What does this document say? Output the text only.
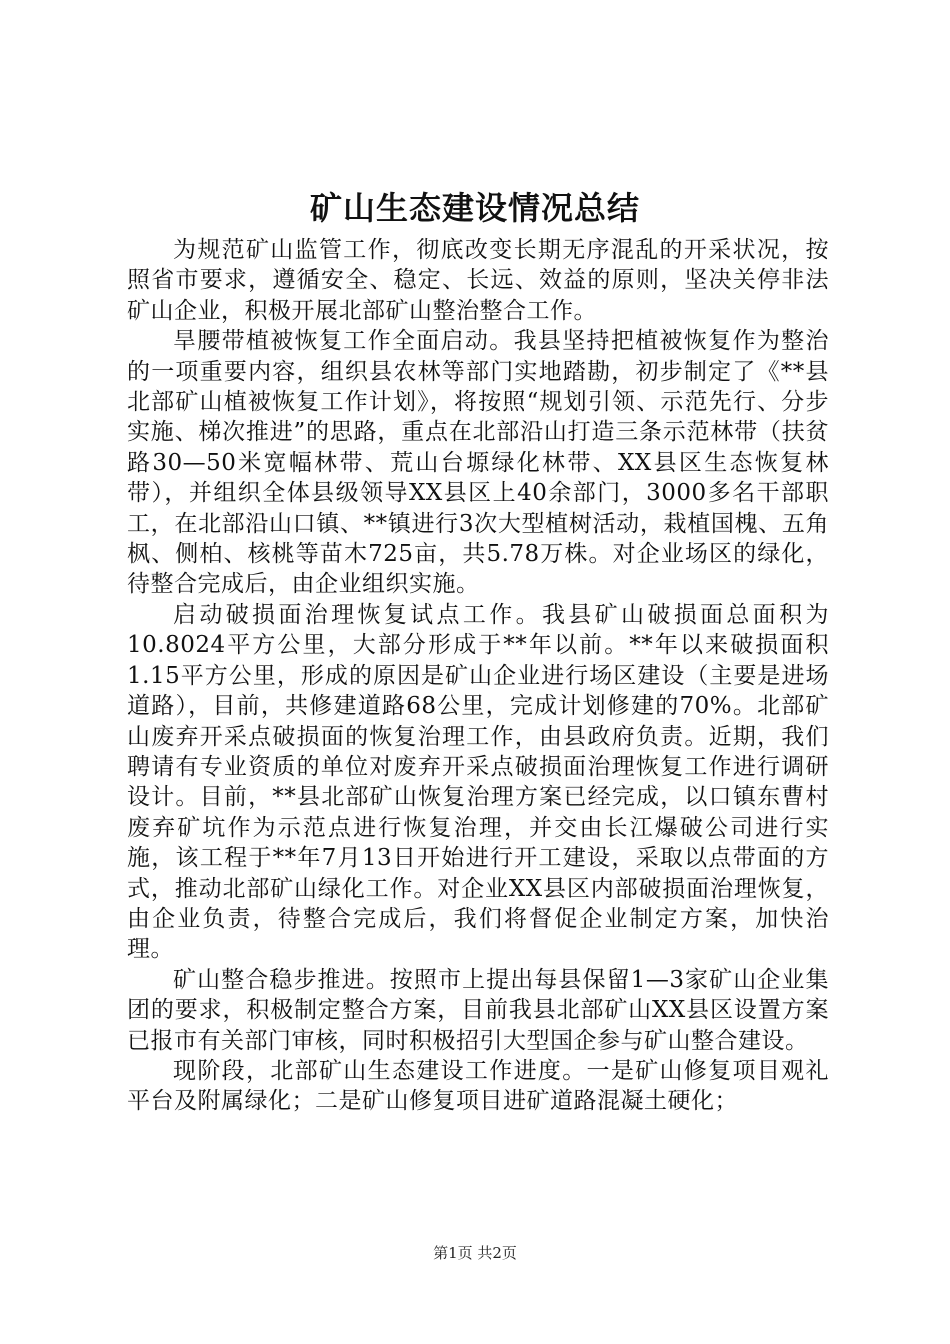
矿山生态建设情况总结

为规范矿山监管工作，彻底改变长期无序混乱的开采状况，按照省市要求，遵循安全、稳定、长远、效益的原则，坚决关停非法矿山企业，积极开展北部矿山整治整合工作。

旱腰带植被恢复工作全面启动。我县坚持把植被恢复作为整治的一项重要内容，组织县农林等部门实地踏勘，初步制定了《**县北部矿山植被恢复工作计划》，将按照“规划引领、示范先行、分步实施、梯次推进”的思路，重点在北部沿山打造三条示范林带（扶贫路30—50米宽幅林带、荒山台塬绿化林带、XX县区生态恢复林带），并组织全体县级领导XX县区上40余部门，3000多名干部职工，在北部沿山口镇、**镇进行3次大型植树活动，栽植国槐、五角枫、侧柏、核桃等苗木725亩，共5.78万株。对企业场区的绿化，待整合完成后，由企业组织实施。

启动破损面治理恢复试点工作。我县矿山破损面总面积为10.8024平方公里，大部分形成于**年以前。**年以来破损面积1.15平方公里，形成的原因是矿山企业进行场区建设（主要是进场道路），目前，共修建道路68公里，完成计划修建的70%。北部矿山废弃开采点破损面的恢复治理工作，由县政府负责。近期，我们聘请有专业资质的单位对废弃开采点破损面治理恢复工作进行调研设计。目前，**县北部矿山恢复治理方案已经完成，以口镇东曹村废弃矿坑作为示范点进行恢复治理，并交由长江爆破公司进行实施，该工程于**年7月13日开始进行开工建设，采取以点带面的方式，推动北部矿山绿化工作。对企业XX县区内部破损面治理恢复，由企业负责，待整合完成后，我们将督促企业制定方案，加快治理。

矿山整合稳步推进。按照市上提出每县保留1—3家矿山企业集团的要求，积极制定整合方案，目前我县北部矿山XX县区设置方案已报市有关部门审核，同时积极招引大型国企参与矿山整合建设。

现阶段，北部矿山生态建设工作进度。一是矿山修复项目观礼平台及附属绿化；二是矿山修复项目进矿道路混凝土硬化；

第1页 共2页
